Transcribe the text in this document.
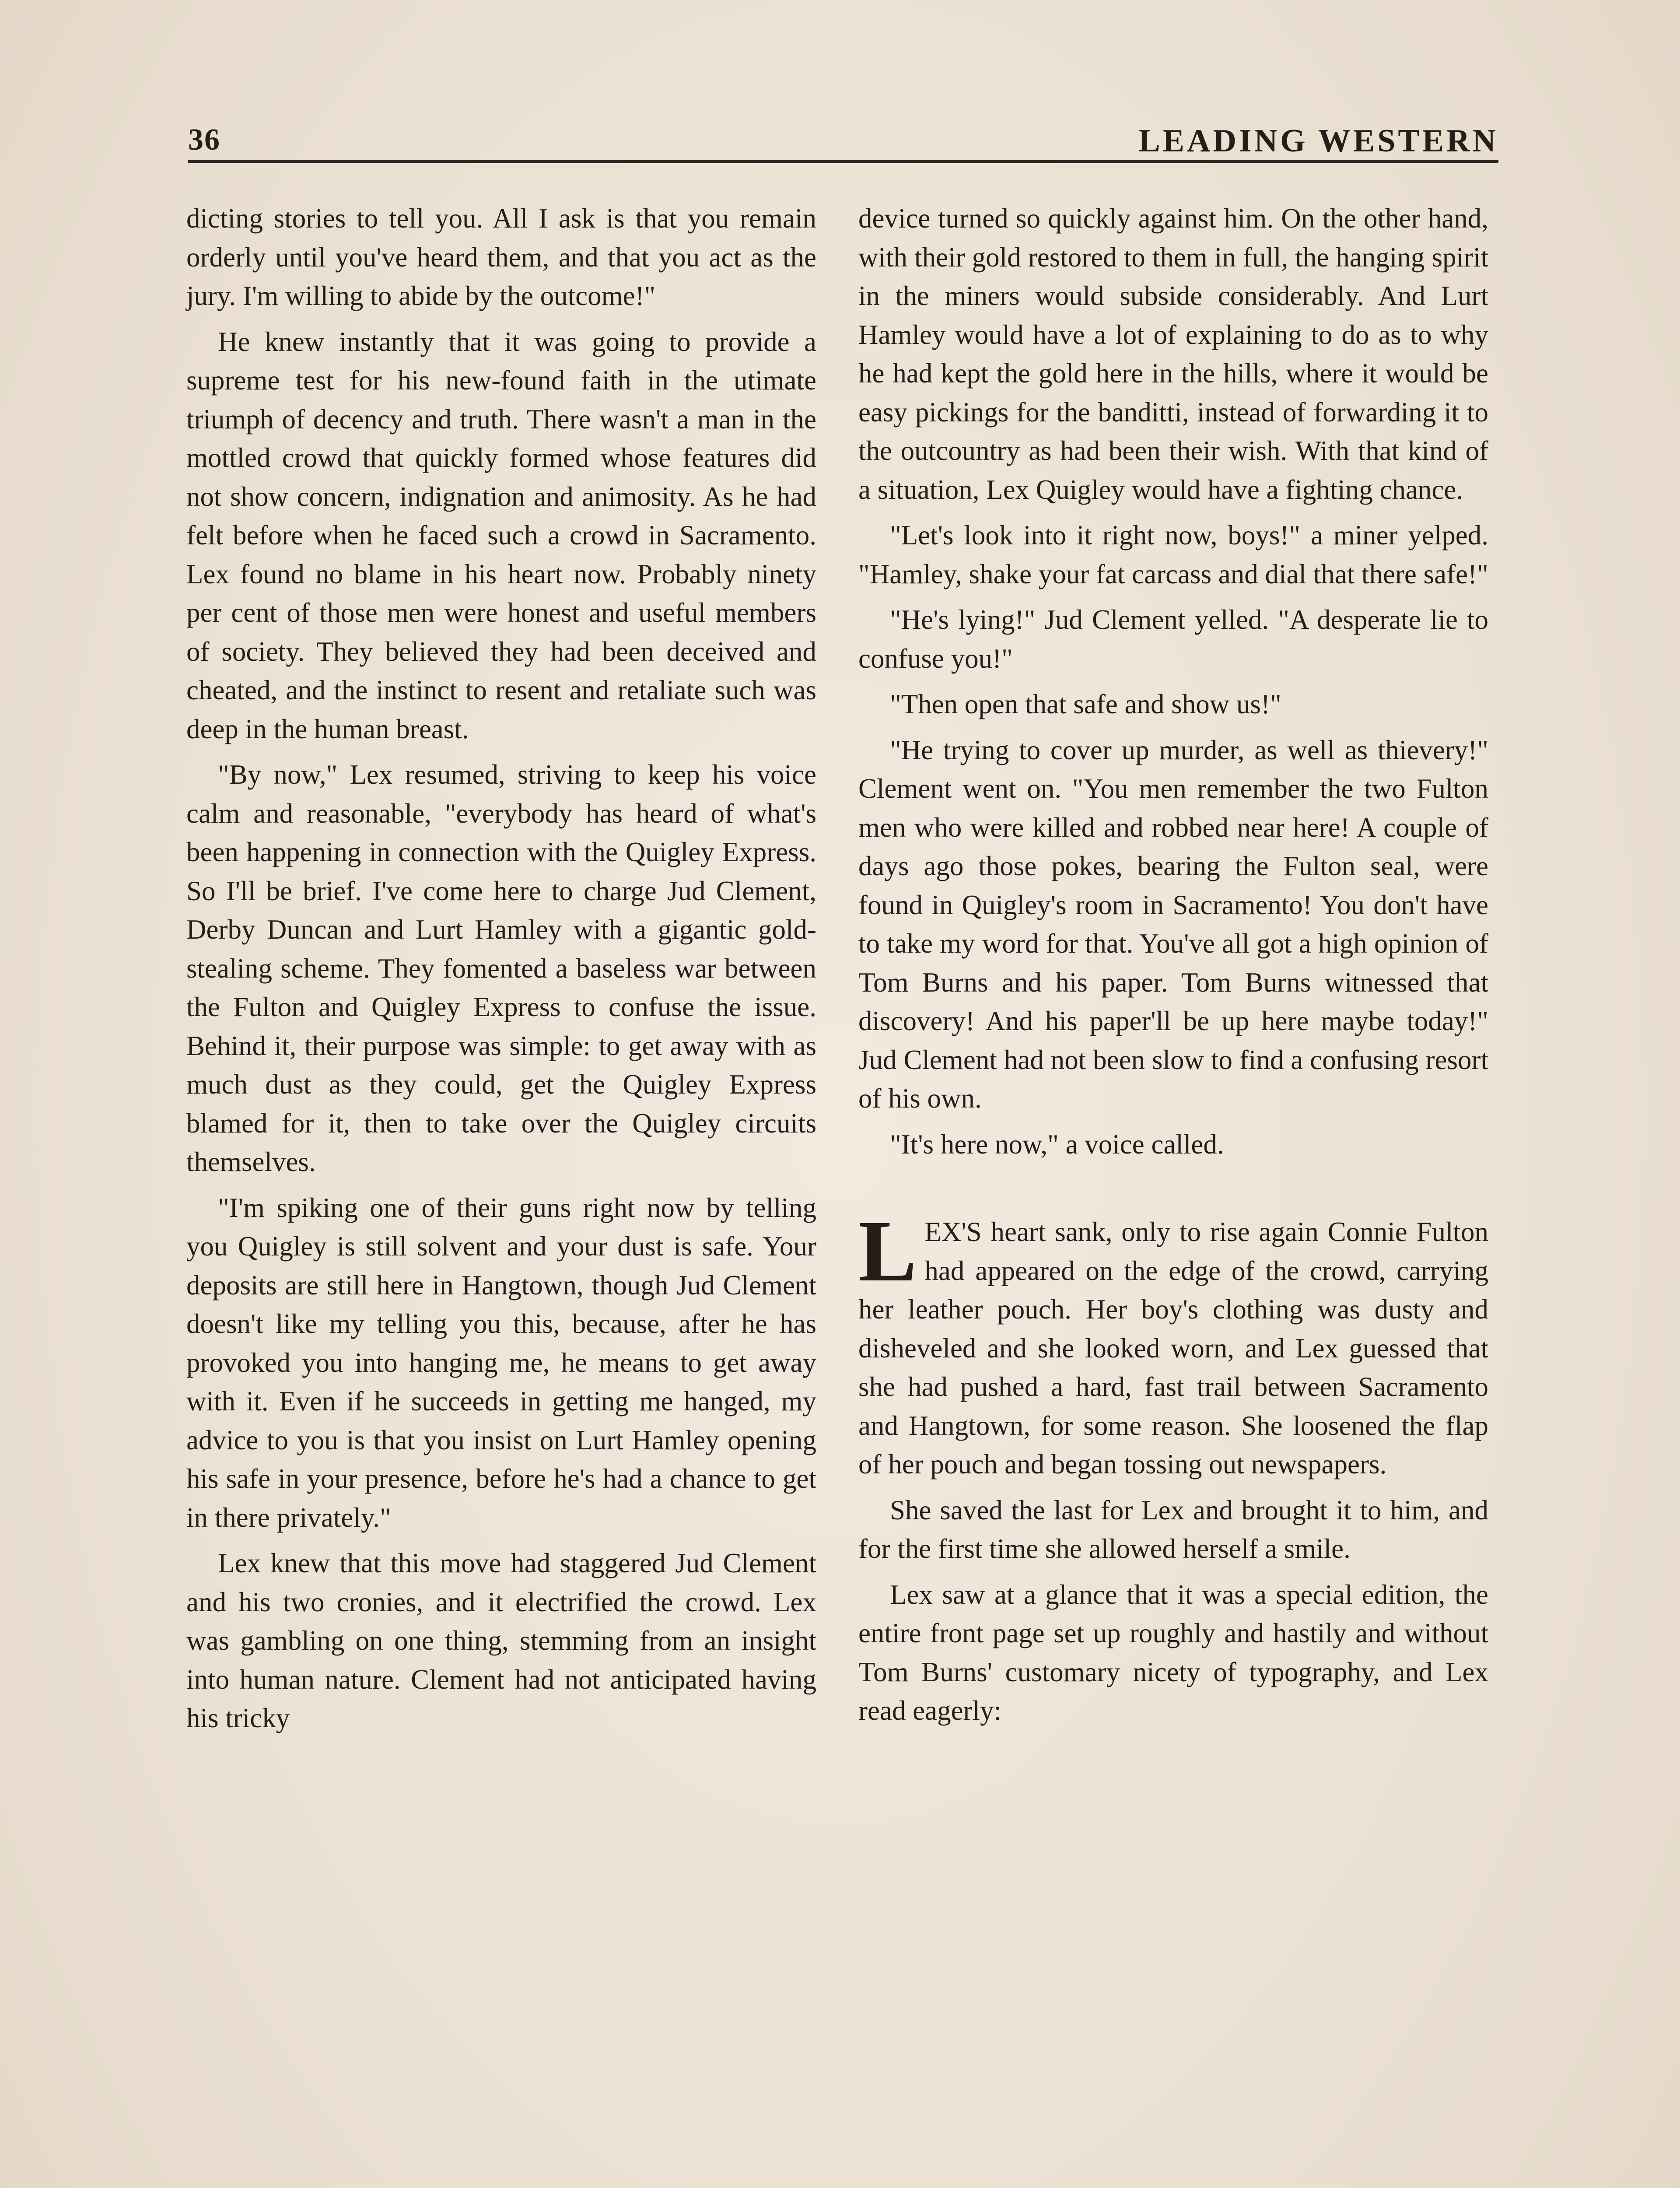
36	LEADING WESTERN

dicting stories to tell you. All I ask is that you remain orderly until you've heard them, and that you act as the jury. I'm willing to abide by the outcome!"

He knew instantly that it was going to provide a supreme test for his new-found faith in the utimate triumph of decency and truth. There wasn't a man in the mottled crowd that quickly formed whose features did not show concern, indignation and animosity. As he had felt before when he faced such a crowd in Sacramento. Lex found no blame in his heart now. Probably ninety per cent of those men were honest and useful members of society. They believed they had been deceived and cheated, and the instinct to resent and retaliate such was deep in the human breast.

"By now," Lex resumed, striving to keep his voice calm and reasonable, "everybody has heard of what's been happening in connection with the Quigley Express. So I'll be brief. I've come here to charge Jud Clement, Derby Duncan and Lurt Hamley with a gigantic gold-stealing scheme. They fomented a baseless war between the Fulton and Quigley Express to confuse the issue. Behind it, their purpose was simple: to get away with as much dust as they could, get the Quigley Express blamed for it, then to take over the Quigley circuits themselves.

"I'm spiking one of their guns right now by telling you Quigley is still solvent and your dust is safe. Your deposits are still here in Hangtown, though Jud Clement doesn't like my telling you this, because, after he has provoked you into hanging me, he means to get away with it. Even if he succeeds in getting me hanged, my advice to you is that you insist on Lurt Hamley opening his safe in your presence, before he's had a chance to get in there privately."

Lex knew that this move had staggered Jud Clement and his two cronies, and it electrified the crowd. Lex was gambling on one thing, stemming from an insight into human nature. Clement had not anticipated having his tricky

device turned so quickly against him. On the other hand, with their gold restored to them in full, the hanging spirit in the miners would subside considerably. And Lurt Hamley would have a lot of explaining to do as to why he had kept the gold here in the hills, where it would be easy pickings for the banditti, instead of forwarding it to the outcountry as had been their wish. With that kind of a situation, Lex Quigley would have a fighting chance.

"Let's look into it right now, boys!" a miner yelped. "Hamley, shake your fat carcass and dial that there safe!"

"He's lying!" Jud Clement yelled. "A desperate lie to confuse you!"

"Then open that safe and show us!"

"He trying to cover up murder, as well as thievery!" Clement went on. "You men remember the two Fulton men who were killed and robbed near here! A couple of days ago those pokes, bearing the Fulton seal, were found in Quigley's room in Sacramento! You don't have to take my word for that. You've all got a high opinion of Tom Burns and his paper. Tom Burns witnessed that discovery! And his paper'll be up here maybe today!" Jud Clement had not been slow to find a confusing resort of his own.

"It's here now," a voice called.

LEX'S heart sank, only to rise again Connie Fulton had appeared on the edge of the crowd, carrying her leather pouch. Her boy's clothing was dusty and disheveled and she looked worn, and Lex guessed that she had pushed a hard, fast trail between Sacramento and Hangtown, for some reason. She loosened the flap of her pouch and began tossing out newspapers.

She saved the last for Lex and brought it to him, and for the first time she allowed herself a smile.

Lex saw at a glance that it was a special edition, the entire front page set up roughly and hastily and without Tom Burns' customary nicety of typography, and Lex read eagerly:
